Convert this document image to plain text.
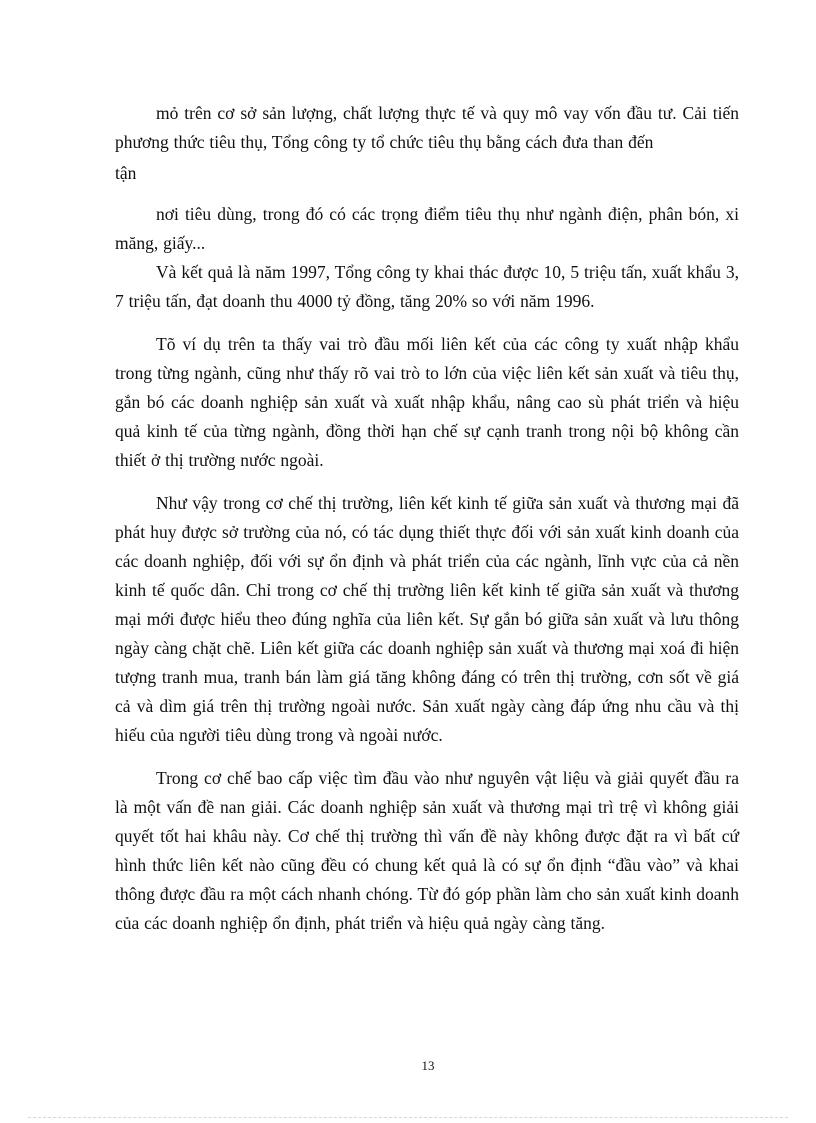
mỏ trên cơ sở sản lượng, chất lượng thực tế và quy mô vay vốn đầu tư. Cải tiến phương thức tiêu thụ, Tổng công ty tổ chức tiêu thụ bằng cách đưa than đến
tận

nơi tiêu dùng, trong đó có các trọng điểm tiêu thụ như ngành điện, phân bón, xi măng, giấy...

Và kết quả là năm 1997, Tổng công ty khai thác được 10, 5 triệu tấn, xuất khẩu 3, 7 triệu tấn, đạt doanh thu 4000 tỷ đồng, tăng 20% so với năm 1996.

Tõ ví dụ trên ta thấy vai trò đầu mối liên kết của các công ty xuất nhập khẩu trong từng ngành, cũng như thấy rõ vai trò to lớn của việc liên kết sản xuất và tiêu thụ, gắn bó các doanh nghiệp sản xuất và xuất nhập khẩu, nâng cao sù phát triển và hiệu quả kinh tế của từng ngành, đồng thời hạn chế sự cạnh tranh trong nội bộ không cần thiết ở thị trường nước ngoài.

Như vậy trong cơ chế thị trường, liên kết kinh tế giữa sản xuất và thương mại đã phát huy được sở trường của nó, có tác dụng thiết thực đối với sản xuất kinh doanh của các doanh nghiệp, đối với sự ổn định và phát triển của các ngành, lĩnh vực của cả nền kinh tế quốc dân. Chỉ trong cơ chế thị trường liên kết kinh tế giữa sản xuất và thương mại mới được hiểu theo đúng nghĩa của liên kết. Sự gắn bó giữa sản xuất và lưu thông ngày càng chặt chẽ. Liên kết giữa các doanh nghiệp sản xuất và thương mại xoá đi hiện tượng tranh mua, tranh bán làm giá tăng không đáng có trên thị trường, cơn sốt về giá cả và dìm giá trên thị trường ngoài nước. Sản xuất ngày càng đáp ứng nhu cầu và thị hiếu của người tiêu dùng trong và ngoài nước.

Trong cơ chế bao cấp việc tìm đầu vào như nguyên vật liệu và giải quyết đầu ra là một vấn đề nan giải. Các doanh nghiệp sản xuất và thương mại trì trệ vì không giải quyết tốt hai khâu này. Cơ chế thị trường thì vấn đề này không được đặt ra vì bất cứ hình thức liên kết nào cũng đều có chung kết quả là có sự ổn định “đầu vào” và khai thông được đầu ra một cách nhanh chóng. Từ đó góp phần làm cho sản xuất kinh doanh của các doanh nghiệp ổn định, phát triển và hiệu quả ngày càng tăng.

13
